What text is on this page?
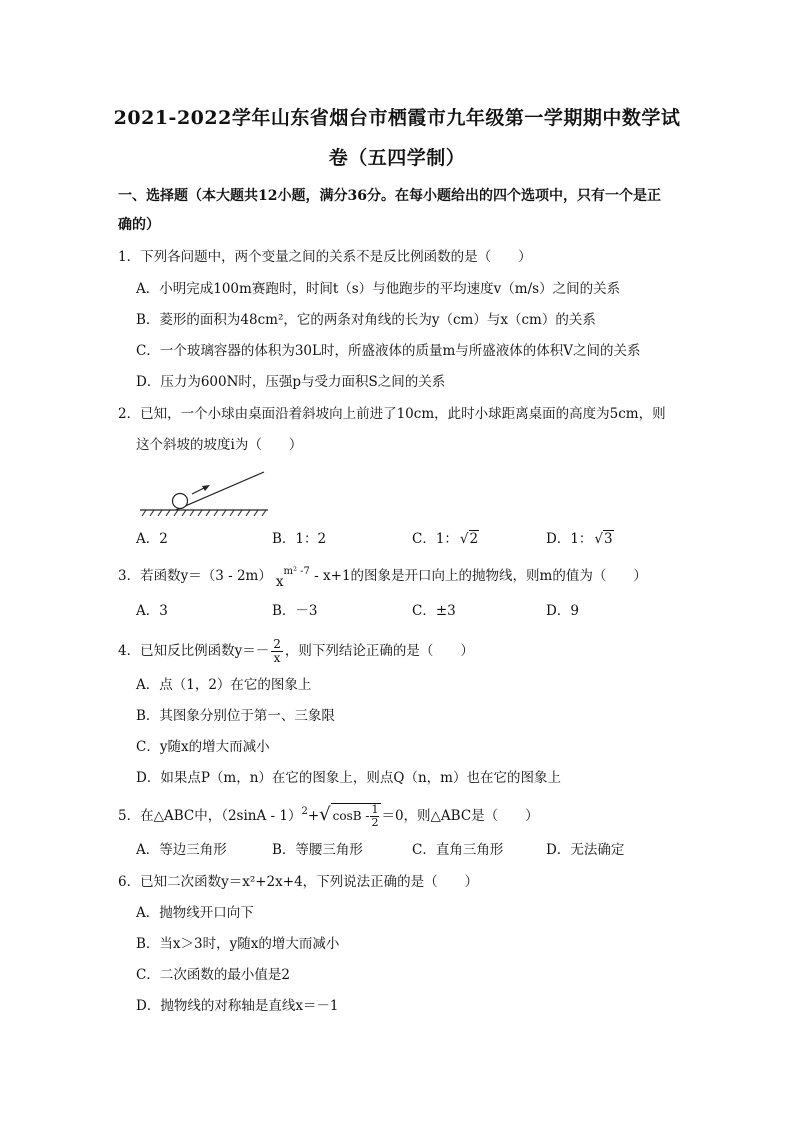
2021-2022学年山东省烟台市栖霞市九年级第一学期期中数学试
卷（五四学制）
一、选择题（本大题共12小题，满分36分。在每小题给出的四个选项中，只有一个是正
确的）
1．下列各问题中，两个变量之间的关系不是反比例函数的是（　　）
A．小明完成100m赛跑时，时间t（s）与他跑步的平均速度v（m/s）之间的关系
B．菱形的面积为48cm²，它的两条对角线的长为y（cm）与x（cm）的关系
C．一个玻璃容器的体积为30L时，所盛液体的质量m与所盛液体的体积V之间的关系
D．压力为600N时，压强p与受力面积S之间的关系
2．已知，一个小球由桌面沿着斜坡向上前进了10cm，此时小球距离桌面的高度为5cm，则
这个斜坡的坡度i为（　　）
A．2	B．1：2	C．1： √2	D．1： √3
3．若函数y＝（3 - 2m） $x^{m^2 -7} - x+1$的图象是开口向上的抛物线，则m的值为（　　）
A．3	B．－3	C．±3	D．9
4．已知反比例函数$y=- \frac{2}{x}$ ，则下列结论正确的是（　　）
A．点（1，2）在它的图象上
B．其图象分别位于第一、三象限
C．y随x的增大而减小
D．如果点P（m，n）在它的图象上，则点Q（n，m）也在它的图象上
5．在△ABC中，（2sinA - 1）$^2$+√ $\cos B - \frac{1}{2} =0$，则△ABC是（　　）
A．等边三角形	B．等腰三角形	C．直角三角形	D．无法确定
6．已知二次函数y＝x²+2x+4，下列说法正确的是（　　）
A．抛物线开口向下
B．当x＞3时，y随x的增大而减小
C．二次函数的最小值是2
D．抛物线的对称轴是直线x＝－1
